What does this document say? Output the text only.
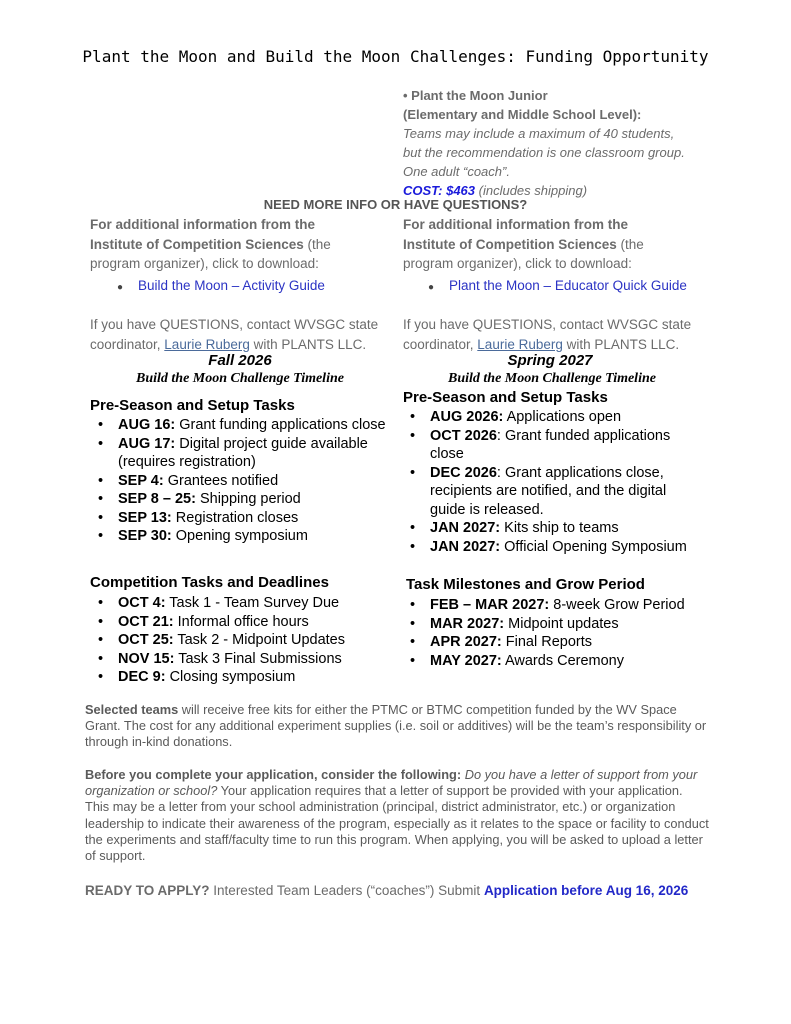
Plant the Moon and Build the Moon Challenges: Funding Opportunity
• Plant the Moon Junior
(Elementary and Middle School Level):
Teams may include a maximum of 40 students,
but the recommendation is one classroom group.
One adult “coach”.
COST: $463 (includes shipping)
NEED MORE INFO OR HAVE QUESTIONS?
For additional information from the
Institute of Competition Sciences (the
program organizer), click to download:
● Build the Moon – Activity Guide
If you have QUESTIONS, contact WVSGC state
coordinator, Laurie Ruberg with PLANTS LLC.
For additional information from the
Institute of Competition Sciences (the
program organizer), click to download:
● Plant the Moon – Educator Quick Guide
If you have QUESTIONS, contact WVSGC state
coordinator, Laurie Ruberg with PLANTS LLC.
Fall 2026
Build the Moon Challenge Timeline
Pre-Season and Setup Tasks
• AUG 16: Grant funding applications close
• AUG 17: Digital project guide available (requires registration)
• SEP 4: Grantees notified
• SEP 8 – 25: Shipping period
• SEP 13: Registration closes
• SEP 30: Opening symposium
Competition Tasks and Deadlines
• OCT 4: Task 1 - Team Survey Due
• OCT 21: Informal office hours
• OCT 25: Task 2 - Midpoint Updates
• NOV 15: Task 3 Final Submissions
• DEC 9: Closing symposium
Spring 2027
Build the Moon Challenge Timeline
Pre-Season and Setup Tasks
• AUG 2026: Applications open
• OCT 2026: Grant funded applications close
• DEC 2026: Grant applications close, recipients are notified, and the digital guide is released.
• JAN 2027: Kits ship to teams
• JAN 2027: Official Opening Symposium
Task Milestones and Grow Period
• FEB – MAR 2027: 8-week Grow Period
• MAR 2027: Midpoint updates
• APR 2027: Final Reports
• MAY 2027: Awards Ceremony
Selected teams will receive free kits for either the PTMC or BTMC competition funded by the WV Space Grant. The cost for any additional experiment supplies (i.e. soil or additives) will be the team’s responsibility or through in-kind donations.
Before you complete your application, consider the following: Do you have a letter of support from your organization or school? Your application requires that a letter of support be provided with your application. This may be a letter from your school administration (principal, district administrator, etc.) or organization leadership to indicate their awareness of the program, especially as it relates to the space or facility to conduct the experiments and staff/faculty time to run this program. When applying, you will be asked to upload a letter of support.
READY TO APPLY? Interested Team Leaders (“coaches”) Submit Application before Aug 16, 2026
